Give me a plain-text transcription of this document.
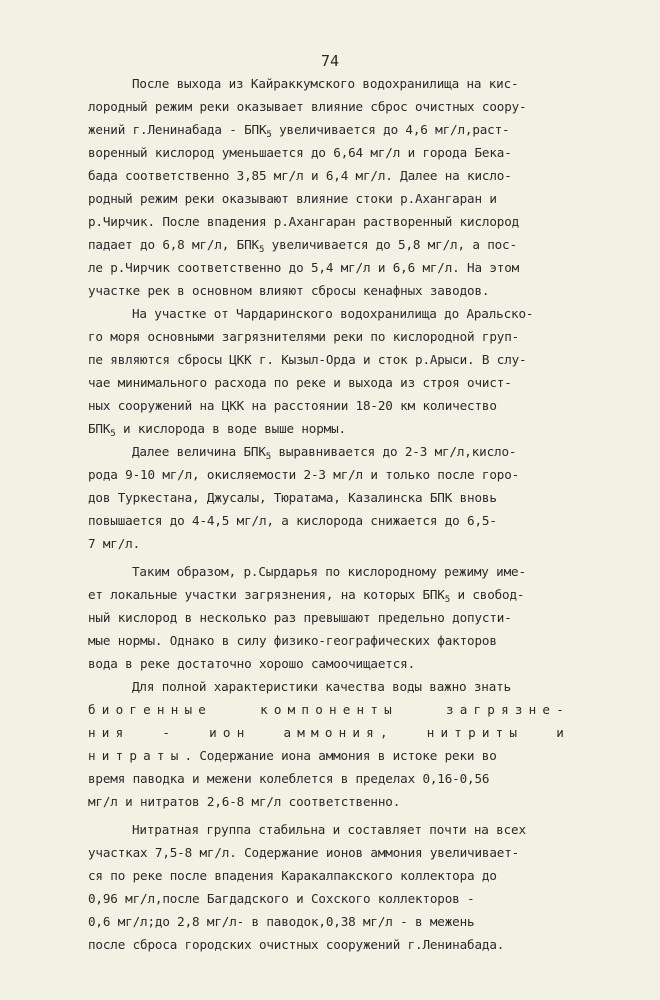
74
После выхода из Кайраккумского водохранилища на кис-
лородный режим реки оказывает влияние сброс очистных соору-
жений г.Ленинабада - $БПК_5$ увеличивается до 4,6 мг/л,раст-
воренный кислород уменьшается до 6,64 мг/л и города Бека-
бада соответственно 3,85 мг/л и 6,4 мг/л. Далее на кисло-
родный режим реки оказывают влияние стоки р.Ахангаран и
р.Чирчик. После впадения р.Ахангаран растворенный кислород
падает до 6,8 мг/л, $БПК_5$ увеличивается до 5,8 мг/л, а пос-
ле р.Чирчик соответственно до 5,4 мг/л и 6,6 мг/л. На этом
участке рек в основном влияют сбросы кенафных заводов.
На участке от Чардаринского водохранилища до Аральско-
го моря основными загрязнителями реки по кислородной груп-
пе являются сбросы ЦКК г. Кызыл-Орда и сток р.Арыси. В слу-
чае минимального расхода по реке и выхода из строя очист-
ных сооружений на ЦКК на расстоянии 18-20 км количество
$БПК_5$ и кислорода в воде выше нормы.
Далее величина $БПК_5$ выравнивается до 2-3 мг/л,кисло-
рода 9-10 мг/л, окисляемости 2-3 мг/л и только после горо-
дов Туркестана, Джусалы, Тюратама, Казалинска БПК вновь
повышается до 4-4,5 мг/л, а кислорода снижается до 6,5-
7 мг/л.
Таким образом, р.Сырдарья по кислородному режиму име-
ет локальные участки загрязнения, на которых $БПК_5$ и свобод-
ный кислород в несколько раз превышают предельно допусти-
мые нормы. Однако в силу физико-географических факторов
вода в реке достаточно хорошо самоочищается.
Для полной характеристики качества воды важно знать
биогенные	компоненты	загрязне-
ния	-	ион	аммония,	нитриты	и
нитраты. Содержание иона аммония в истоке реки во
время паводка и межени колеблется в пределах 0,16-0,56
мг/л и нитратов 2,6-8 мг/л соответственно.
Нитратная группа стабильна и составляет почти на всех
участках 7,5-8 мг/л. Содержание ионов аммония увеличивает-
ся по реке после впадения Каракалпакского коллектора до
0,96 мг/л,после Багдадского и Сохского коллекторов -
0,6 мг/л;до 2,8 мг/л- в паводок,0,38 мг/л - в межень
после сброса городских очистных сооружений г.Ленинабада.
